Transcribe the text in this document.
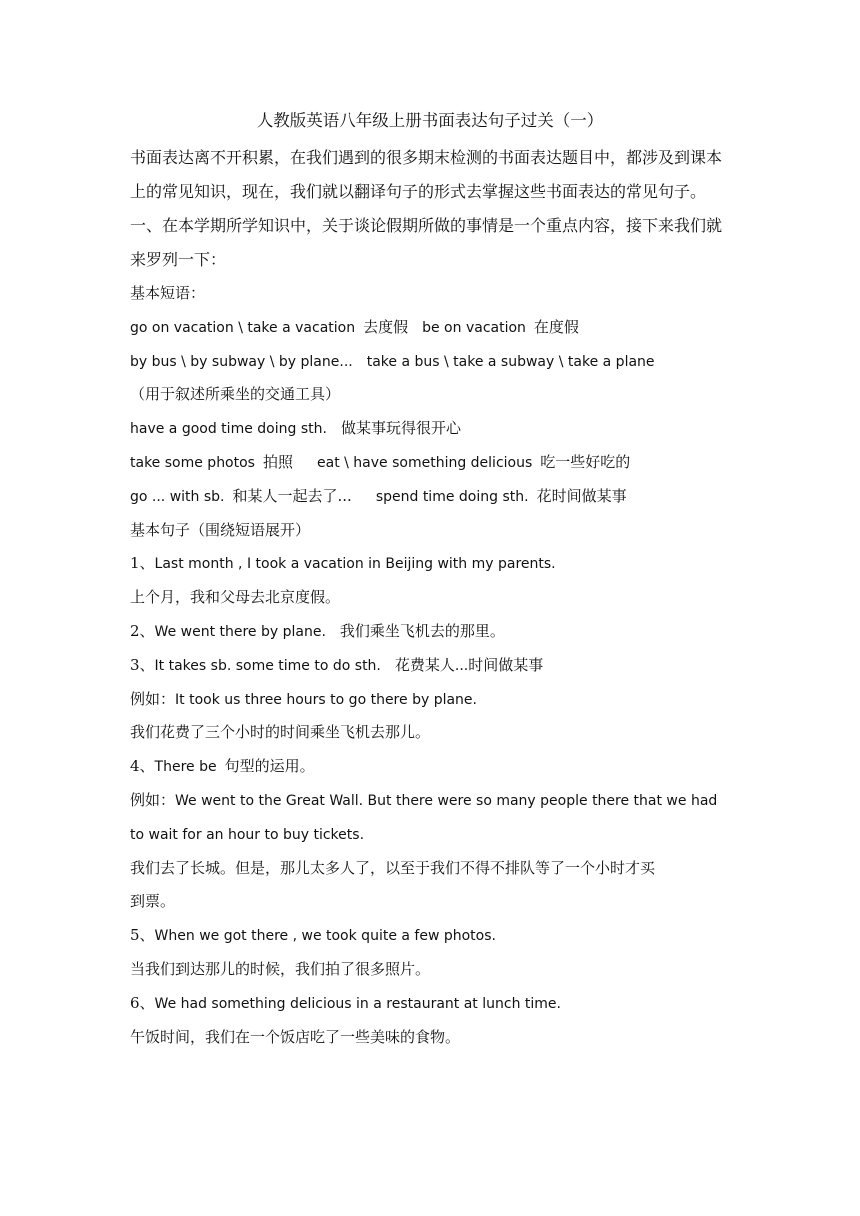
人教版英语八年级上册书面表达句子过关（一）

书面表达离不开积累，在我们遇到的很多期末检测的书面表达题目中，都涉及到课本上的常见知识，现在，我们就以翻译句子的形式去掌握这些书面表达的常见句子。

一、在本学期所学知识中，关于谈论假期所做的事情是一个重点内容，接下来我们就来罗列一下：

基本短语：
go on vacation \ take a vacation 去度假 be on vacation 在度假
by bus \ by subway \ by plane... take a bus \ take a subway \ take a plane
（用于叙述所乘坐的交通工具）
have a good time doing sth. 做某事玩得很开心
take some photos 拍照 eat \ have something delicious 吃一些好吃的
go ... with sb. 和某人一起去了... spend time doing sth. 花时间做某事
基本句子（围绕短语展开）
1、Last month , I took a vacation in Beijing with my parents.
上个月，我和父母去北京度假。
2、We went there by plane. 我们乘坐飞机去的那里。
3、It takes sb. some time to do sth. 花费某人...时间做某事
例如：It took us three hours to go there by plane.
我们花费了三个小时的时间乘坐飞机去那儿。
4、There be 句型的运用。
例如：We went to the Great Wall. But there were so many people there that we had
to wait for an hour to buy tickets.
我们去了长城。但是，那儿太多人了，以至于我们不得不排队等了一个小时才买
到票。
5、When we got there , we took quite a few photos.
当我们到达那儿的时候，我们拍了很多照片。
6、We had something delicious in a restaurant at lunch time.
午饭时间，我们在一个饭店吃了一些美味的食物。
